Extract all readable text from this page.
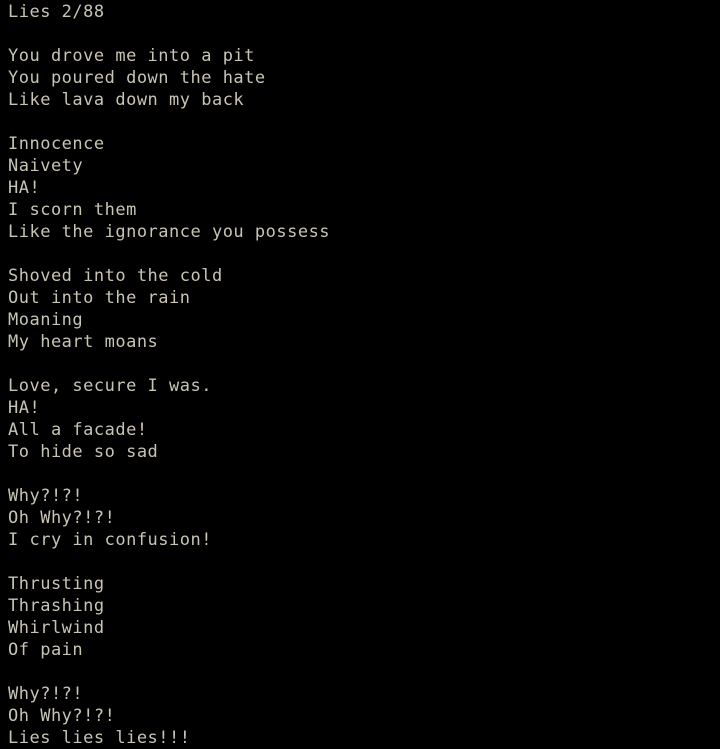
Lies 2/88
You drove me into a pit
You poured down the hate
Like lava down my back
Innocence
Naivety
HA!
I scorn them
Like the ignorance you possess
Shoved into the cold
Out into the rain
Moaning
My heart moans
Love, secure I was.
HA!
All a facade!
To hide so sad
Why?!?!
Oh Why?!?!
I cry in confusion!
Thrusting
Thrashing
Whirlwind
Of pain
Why?!?!
Oh Why?!?!
Lies lies lies!!!
